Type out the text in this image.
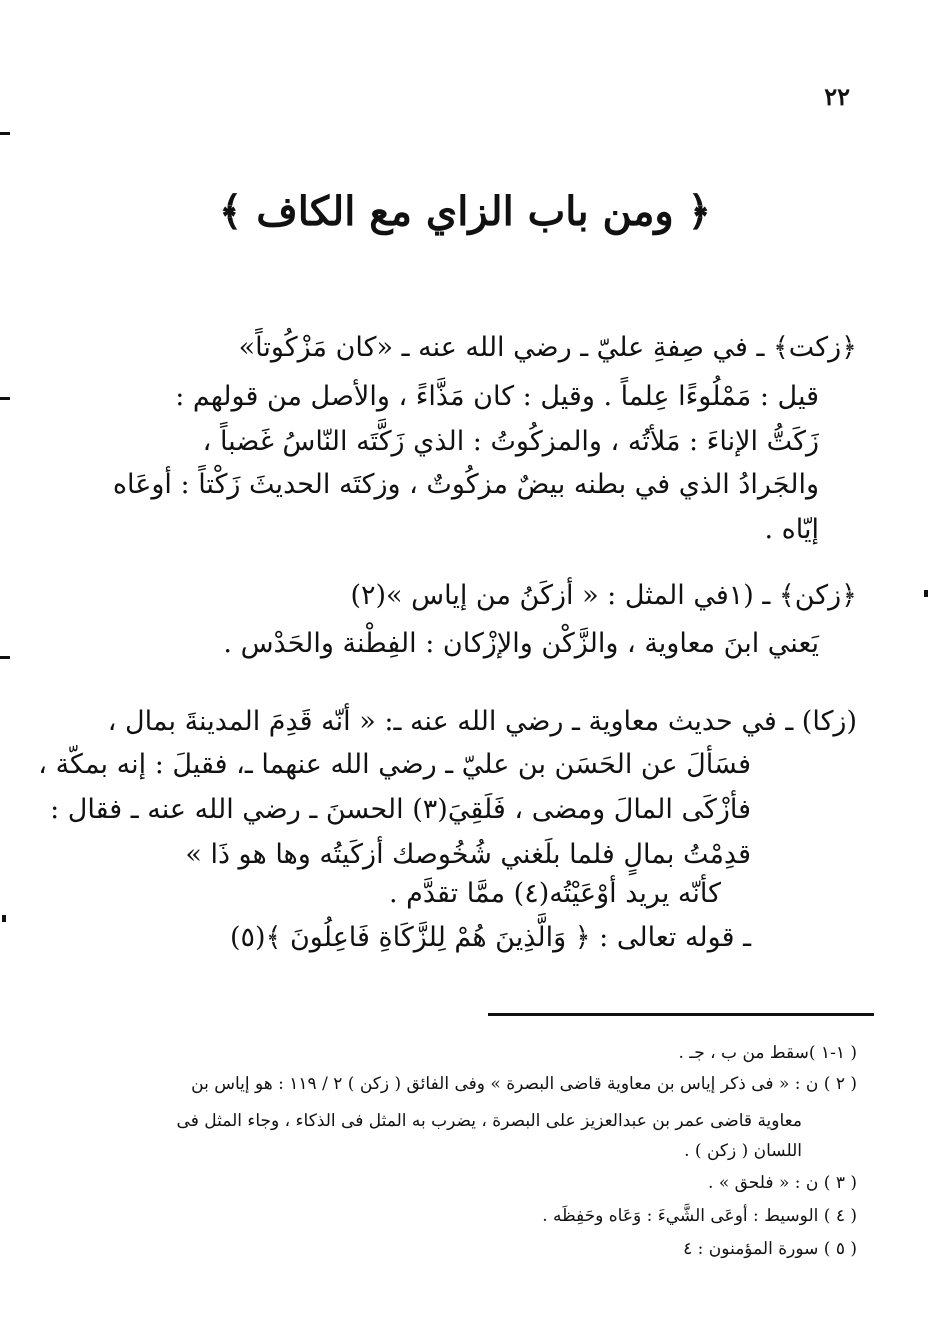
٢٢
﴿ ومن باب الزاي مع الكاف ﴾
﴿زكت﴾ ـ في صِفةِ عليّ ـ رضي الله عنه ـ «كان مَزْكُوتاً»
قيل : مَمْلُوءًا عِلماً . وقيل : كان مَذَّاءً ، والأصل من قولهم :
زَكَتُّ الإناءَ : مَلأتُه ، والمزكُوتُ : الذي زَكَّتَه النّاسُ غَضباً ،
والجَرادُ الذي في بطنه بيضٌ مزكُوتٌ ، وزكتَه الحديثَ زَكْتاً : أوعَاه
إيّاه .
﴿زكن﴾ ـ (١في المثل : « أزكَنُ من إياس »(٢)
يَعني ابنَ معاوية ، والزَّكْن والإزْكان : الفِطْنة والحَدْس .
(زكا) ـ في حديث معاوية ـ رضي الله عنه ـ: « أنّه قَدِمَ المدينةَ بمال ،
فسَألَ عن الحَسَن بن عليّ ـ رضي الله عنهما ـ، فقيلَ : إنه بمكّة ،
فأزْكَى المالَ ومضى ، فَلَقِيَ(٣) الحسنَ ـ رضي الله عنه ـ فقال :
قدِمْتُ بمالٍ فلما بلَغني شُخُوصك أزكَيتُه وها هو ذَا »
كأنّه يريد أوْعَيْتُه(٤) ممَّا تقدَّم .
ـ قوله تعالى : ﴿ وَالَّذِينَ هُمْ لِلزَّكَاةِ فَاعِلُونَ ﴾(٥)
( ١-١ )سقط من ب ، جـ .
( ٢ ) ن : « فى ذكر إياس بن معاوية قاضى البصرة » وفى الفائق ( زكن ) ٢ / ١١٩ : هو إياس بن
معاوية قاضى عمر بن عبدالعزيز على البصرة ، يضرب به المثل فى الذكاء ، وجاء المثل فى
اللسان ( زكن ) .
( ٣ ) ن : « فلحق » .
( ٤ ) الوسيط : أوعَى الشَّيءَ : وَعَاه وحَفِظَه .
( ٥ ) سورة المؤمنون : ٤
